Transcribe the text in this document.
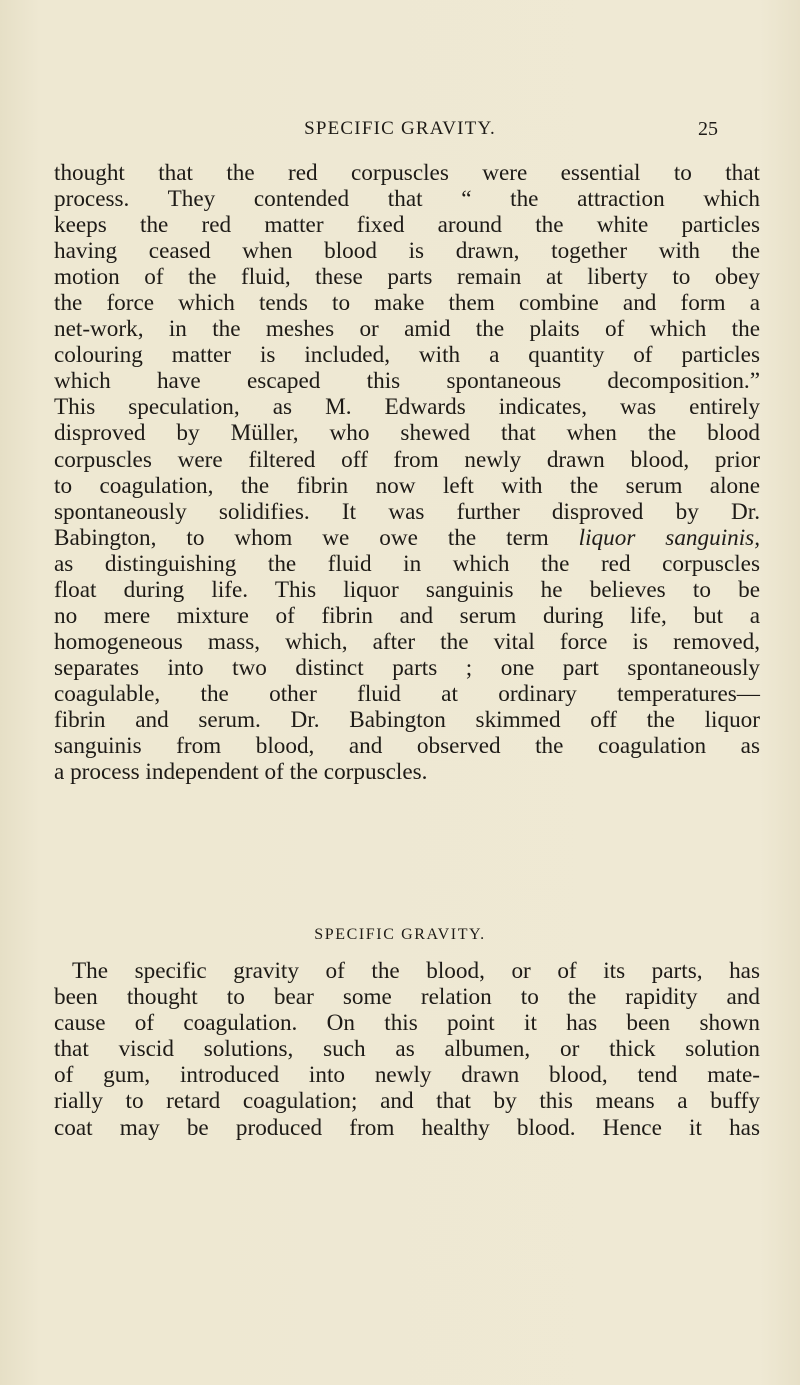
SPECIFIC GRAVITY.	25
thought that the red corpuscles were essential to that
process. They contended that “ the attraction which
keeps the red matter fixed around the white particles
having ceased when blood is drawn, together with the
motion of the fluid, these parts remain at liberty to obey
the force which tends to make them combine and form a
net-work, in the meshes or amid the plaits of which the
colouring matter is included, with a quantity of particles
which have escaped this spontaneous decomposition.”
This speculation, as M. Edwards indicates, was entirely
disproved by Müller, who shewed that when the blood
corpuscles were filtered off from newly drawn blood, prior
to coagulation, the fibrin now left with the serum alone
spontaneously solidifies. It was further disproved by Dr.
Babington, to whom we owe the term liquor sanguinis,
as distinguishing the fluid in which the red corpuscles
float during life. This liquor sanguinis he believes to be
no mere mixture of fibrin and serum during life, but a
homogeneous mass, which, after the vital force is removed,
separates into two distinct parts ; one part spontaneously
coagulable, the other fluid at ordinary temperatures—
fibrin and serum. Dr. Babington skimmed off the liquor
sanguinis from blood, and observed the coagulation as
a process independent of the corpuscles.
SPECIFIC GRAVITY.
The specific gravity of the blood, or of its parts, has
been thought to bear some relation to the rapidity and
cause of coagulation. On this point it has been shown
that viscid solutions, such as albumen, or thick solution
of gum, introduced into newly drawn blood, tend mate-
rially to retard coagulation; and that by this means a buffy
coat may be produced from healthy blood. Hence it has
